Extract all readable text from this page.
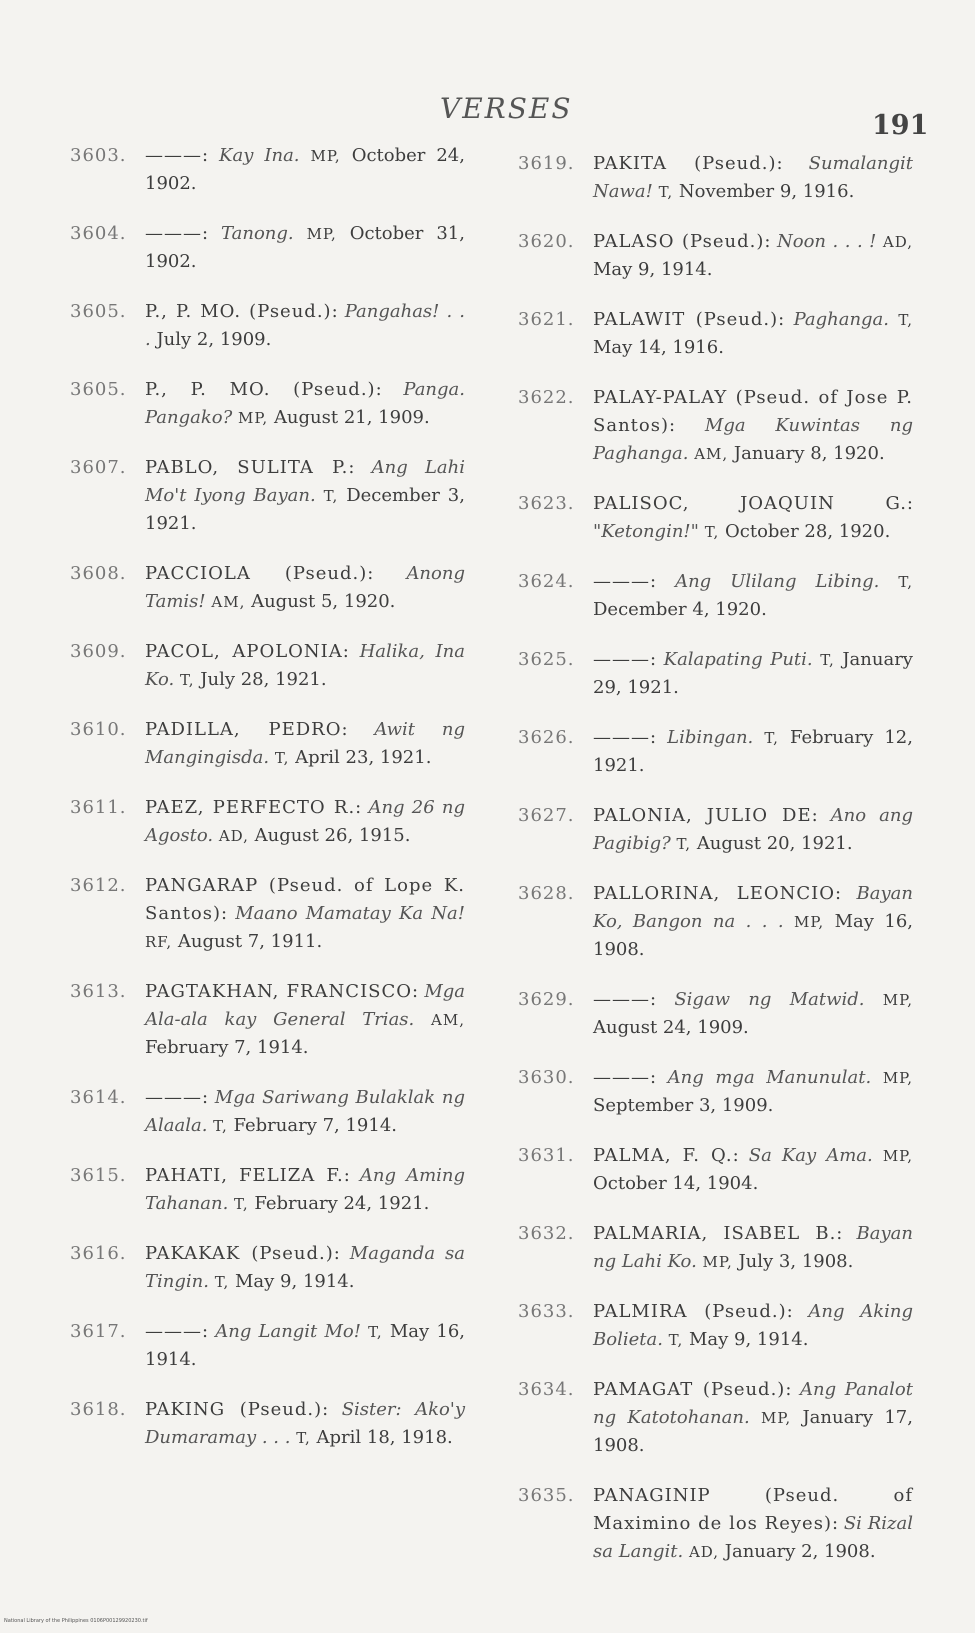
VERSES
191
3603. ———: Kay Ina. MP, October 24, 1902.
3604. ———: Tanong. MP, October 31, 1902.
3605. P., P. MO. (Pseud.): Pangahas! . . . July 2, 1909.
3605. P., P. MO. (Pseud.): Panga. Pangako? MP, August 21, 1909.
3607. PABLO, SULITA P.: Ang Lahi Mo't Iyong Bayan. T, December 3, 1921.
3608. PACCIOLA (Pseud.): Anong Tamis! AM, August 5, 1920.
3609. PACOL, APOLONIA: Halika, Ina Ko. T, July 28, 1921.
3610. PADILLA, PEDRO: Awit ng Mangingisda. T, April 23, 1921.
3611. PAEZ, PERFECTO R.: Ang 26 ng Agosto. AD, August 26, 1915.
3612. PANGARAP (Pseud. of Lope K. Santos): Maano Mamatay Ka Na! RF, August 7, 1911.
3613. PAGTAKHAN, FRANCISCO: Mga Ala-ala kay General Trias. AM, February 7, 1914.
3614. ———: Mga Sariwang Bulaklak ng Alaala. T, February 7, 1914.
3615. PAHATI, FELIZA F.: Ang Aming Tahanan. T, February 24, 1921.
3616. PAKAKAK (Pseud.): Maganda sa Tingin. T, May 9, 1914.
3617. ———: Ang Langit Mo! T, May 16, 1914.
3618. PAKING (Pseud.): Sister: Ako'y Dumaramay . . . T, April 18, 1918.
3619. PAKITA (Pseud.): Sumalangit Nawa! T, November 9, 1916.
3620. PALASO (Pseud.): Noon . . . ! AD, May 9, 1914.
3621. PALAWIT (Pseud.): Paghanga. T, May 14, 1916.
3622. PALAY-PALAY (Pseud. of Jose P. Santos): Mga Kuwintas ng Paghanga. AM, January 8, 1920.
3623. PALISOC, JOAQUIN G.: "Ketongin!" T, October 28, 1920.
3624. ———: Ang Ulilang Libing. T, December 4, 1920.
3625. ———: Kalapating Puti. T, January 29, 1921.
3626. ———: Libingan. T, February 12, 1921.
3627. PALONIA, JULIO DE: Ano ang Pagibig? T, August 20, 1921.
3628. PALLORINA, LEONCIO: Bayan Ko, Bangon na . . . MP, May 16, 1908.
3629. ———: Sigaw ng Matwid. MP, August 24, 1909.
3630. ———: Ang mga Manunulat. MP, September 3, 1909.
3631. PALMA, F. Q.: Sa Kay Ama. MP, October 14, 1904.
3632. PALMARIA, ISABEL B.: Bayan ng Lahi Ko. MP, July 3, 1908.
3633. PALMIRA (Pseud.): Ang Aking Bolieta. T, May 9, 1914.
3634. PAMAGAT (Pseud.): Ang Panalot ng Katotohanan. MP, January 17, 1908.
3635. PANAGINIP (Pseud. of Maximino de los Reyes): Si Rizal sa Langit. AD, January 2, 1908.
National Library of the Philippines 0106P00129920230.tif
